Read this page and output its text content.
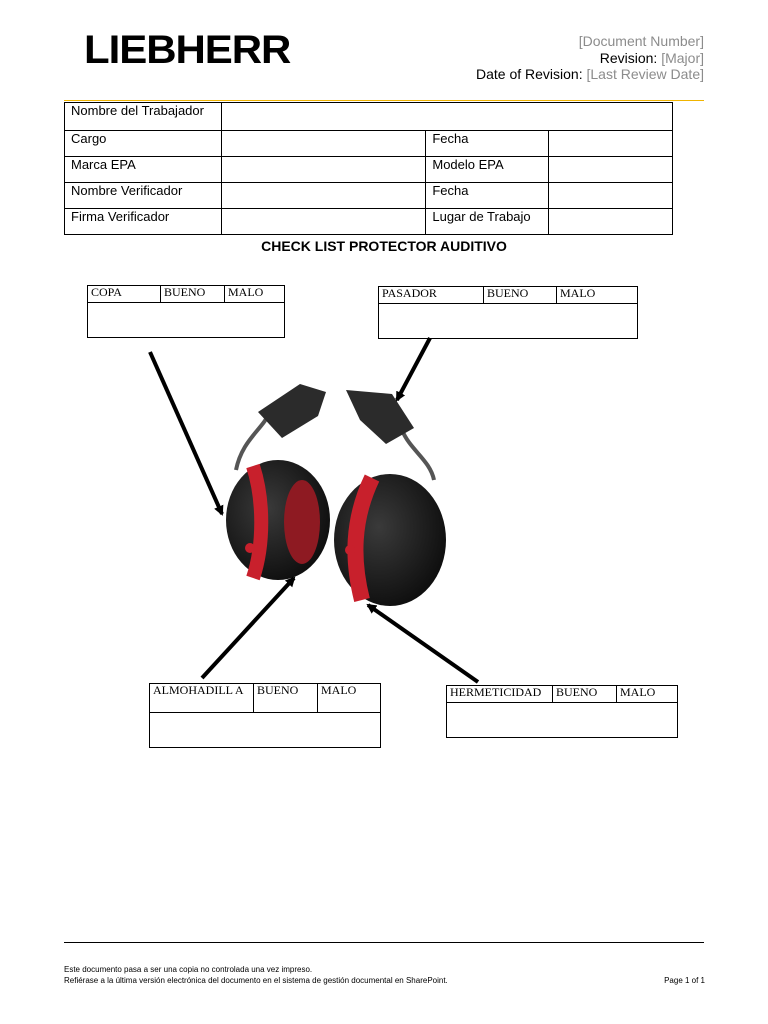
LIEBHERR	[Document Number]
Revision: [Major]
Date of Revision: [Last Review Date]
Nombre del Trabajador			
Cargo		Fecha	
Marca EPA		Modelo EPA	
Nombre Verificador		Fecha	
Firma Verificador		Lugar de Trabajo	
CHECK LIST PROTECTOR AUDITIVO
COPA	BUENO	MALO	PASADOR	BUENO	MALO

ALMOHADILL A	BUENO	MALO	HERMETICIDAD	BUENO	MALO

Este documento pasa a ser una copia no controlada una vez impreso.
Refiérase a la última versión electrónica del documento en el sistema de gestión documental en SharePoint.	Page 1 of 1
